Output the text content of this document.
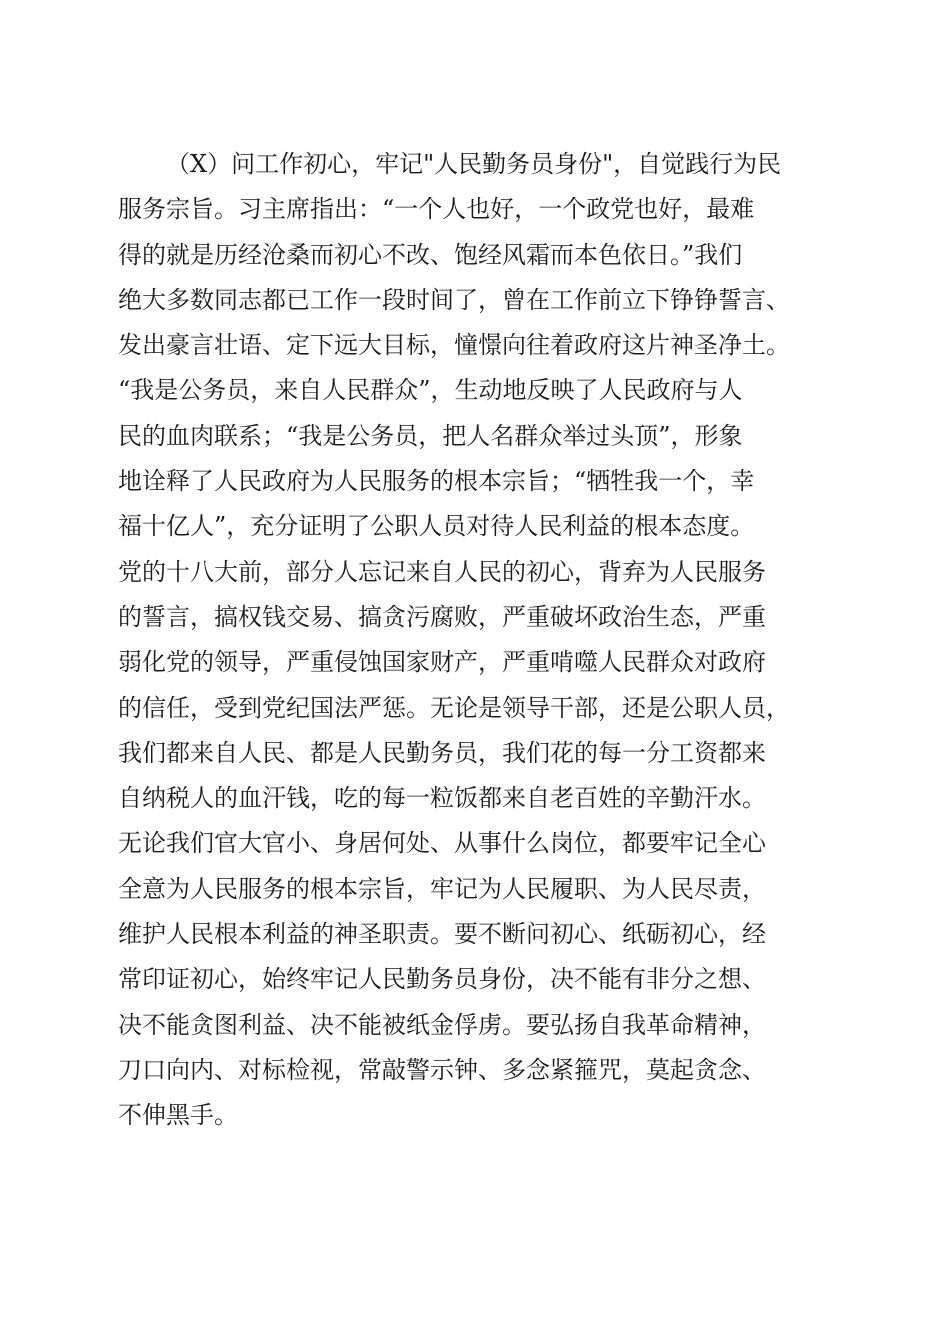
（X）问工作初心，牢记"人民勤务员身份"，自觉践行为民
服务宗旨。习主席指出：“一个人也好，一个政党也好，最难
得的就是历经沧桑而初心不改、饱经风霜而本色依日。”我们
绝大多数同志都已工作一段时间了，曾在工作前立下铮铮誓言、
发出豪言壮语、定下远大目标，憧憬向往着政府这片神圣净土。
“我是公务员，来自人民群众”，生动地反映了人民政府与人
民的血肉联系；“我是公务员，把人名群众举过头顶”，形象
地诠释了人民政府为人民服务的根本宗旨；“牺牲我一个，幸
福十亿人”，充分证明了公职人员对待人民利益的根本态度。
党的十八大前，部分人忘记来自人民的初心，背弃为人民服务
的誓言，搞权钱交易、搞贪污腐败，严重破坏政治生态，严重
弱化党的领导，严重侵蚀国家财产，严重啃噬人民群众对政府
的信任，受到党纪国法严惩。无论是领导干部，还是公职人员，
我们都来自人民、都是人民勤务员，我们花的每一分工资都来
自纳税人的血汗钱，吃的每一粒饭都来自老百姓的辛勤汗水。
无论我们官大官小、身居何处、从事什么岗位，都要牢记全心
全意为人民服务的根本宗旨，牢记为人民履职、为人民尽责，
维护人民根本利益的神圣职责。要不断问初心、纸砺初心，经
常印证初心，始终牢记人民勤务员身份，决不能有非分之想、
决不能贪图利益、决不能被纸金俘虏。要弘扬自我革命精神，
刀口向内、对标检视，常敲警示钟、多念紧箍咒，莫起贪念、
不伸黑手。
